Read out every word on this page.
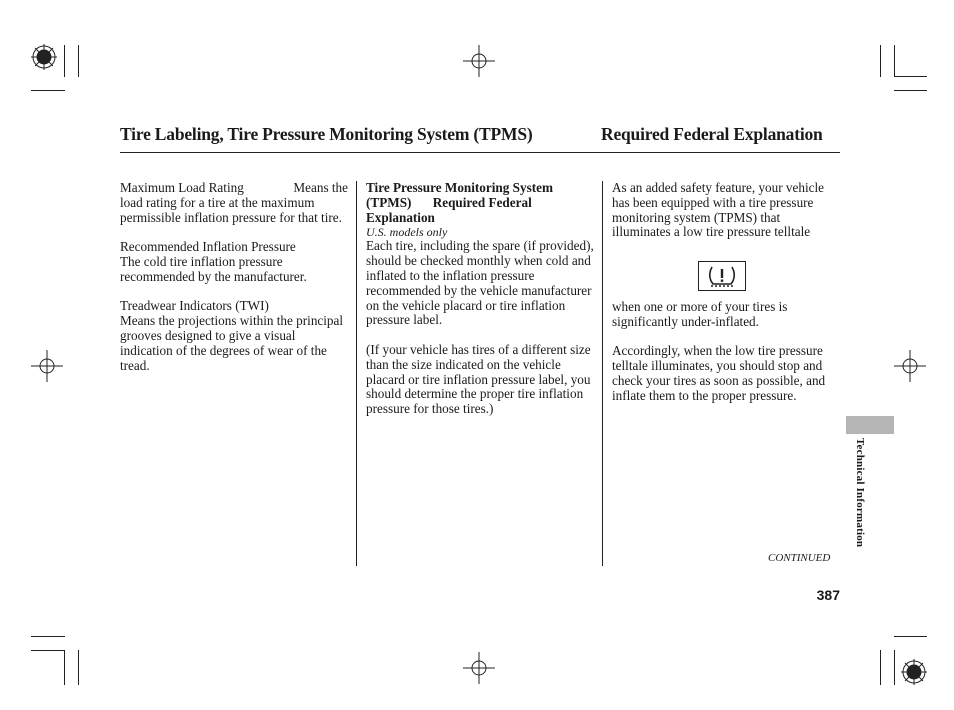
Tire Labeling, Tire Pressure Monitoring System (TPMS)	Required Federal Explanation

Maximum Load Rating	Means the
load rating for a tire at the maximum permissible inflation pressure for that tire.

Recommended Inflation Pressure
The cold tire inflation pressure recommended by the manufacturer.

Treadwear Indicators (TWI)
Means the projections within the principal grooves designed to give a visual indication of the degrees of wear of the tread.

Tire Pressure Monitoring System
(TPMS) Required Federal
Explanation
U.S. models only

Each tire, including the spare (if provided), should be checked monthly when cold and inflated to the inflation pressure recommended by the vehicle manufacturer on the vehicle placard or tire inflation pressure label.

(If your vehicle has tires of a different size than the size indicated on the vehicle placard or tire inflation pressure label, you should determine the proper tire inflation pressure for those tires.)

As an added safety feature, your vehicle has been equipped with a tire pressure monitoring system (TPMS) that illuminates a low tire pressure telltale

when one or more of your tires is significantly under-inflated.

Accordingly, when the low tire pressure telltale illuminates, you should stop and check your tires as soon as possible, and inflate them to the proper pressure.

Technical Information
CONTINUED
387
